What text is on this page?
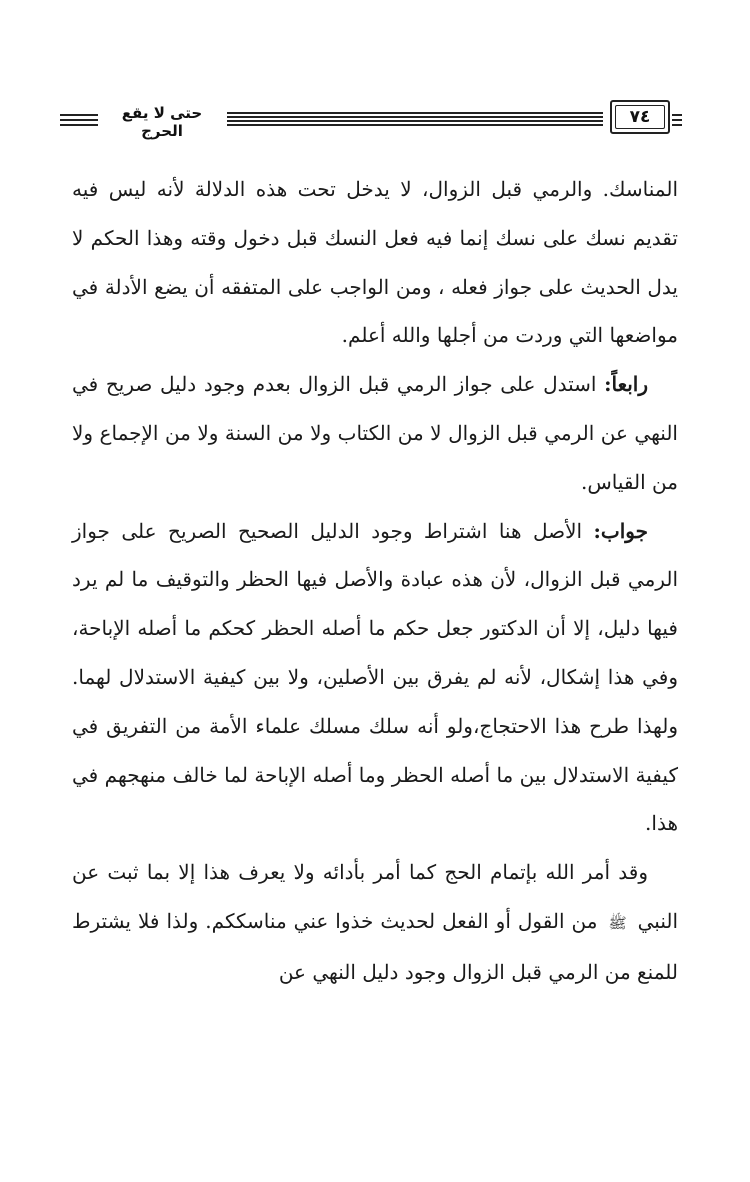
حتى لا يقع الحرج
٧٤

المناسك. والرمي قبل الزوال، لا يدخل تحت هذه الدلالة لأنه ليس فيه تقديم نسك على نسك إنما فيه فعل النسك قبل دخول وقته وهذا الحكم لا يدل الحديث على جواز فعله ، ومن الواجب على المتفقه أن يضع الأدلة في مواضعها التي وردت من أجلها والله أعلم.

رابعاً: استدل على جواز الرمي قبل الزوال بعدم وجود دليل صريح في النهي عن الرمي قبل الزوال لا من الكتاب ولا من السنة ولا من الإجماع ولا من القياس.

جواب: الأصل هنا اشتراط وجود الدليل الصحيح الصريح على جواز الرمي قبل الزوال، لأن هذه عبادة والأصل فيها الحظر والتوقيف ما لم يرد فيها دليل، إلا أن الدكتور جعل حكم ما أصله الحظر كحكم ما أصله الإباحة، وفي هذا إشكال، لأنه لم يفرق بين الأصلين، ولا بين كيفية الاستدلال لهما. ولهذا طرح هذا الاحتجاج،ولو أنه سلك مسلك علماء الأمة من التفريق في كيفية الاستدلال بين ما أصله الحظر وما أصله الإباحة لما خالف منهجهم في هذا.

وقد أمر الله بإتمام الحج كما أمر بأدائه ولا يعرف هذا إلا بما ثبت عن النبي ﷺ من القول أو الفعل لحديث خذوا عني مناسككم. ولذا فلا يشترط للمنع من الرمي قبل الزوال وجود دليل النهي عن
